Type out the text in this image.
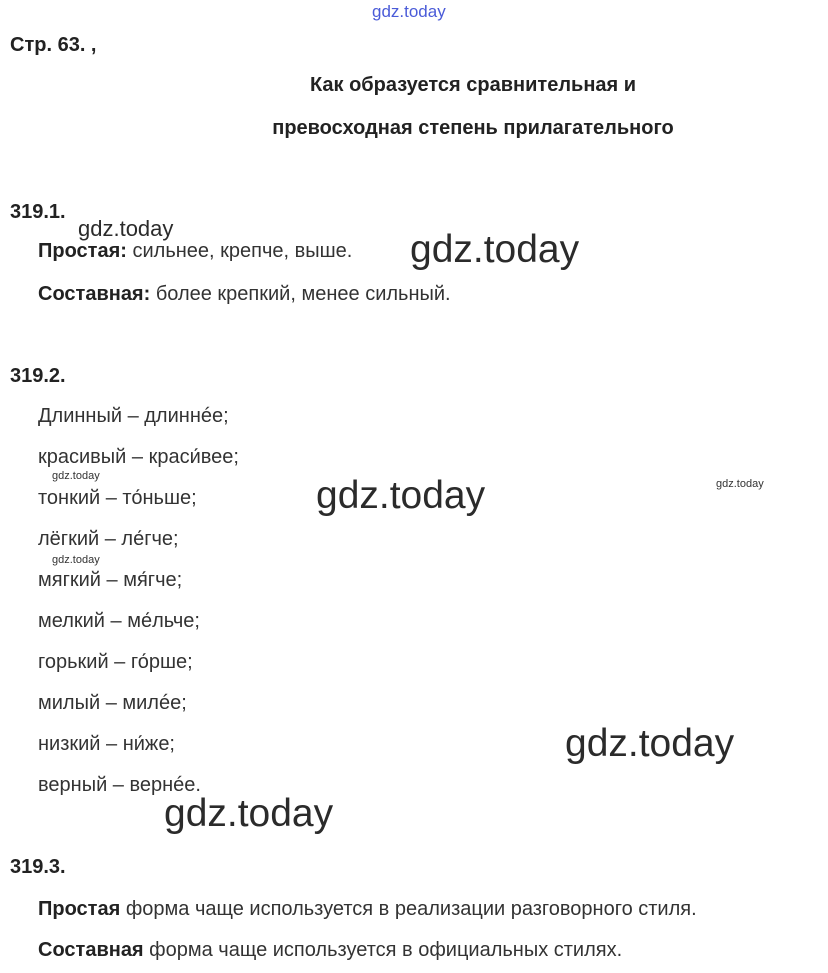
gdz.today
Стр. 63. ,
Как образуется сравнительная и
превосходная степень прилагательного
319.1.
Простая: сильнее, крепче, выше.
Составная: более крепкий, менее сильный.
319.2.
Длинный – длиннée;
красивый – краси́вее;
тонкий – то́ньше;
лёгкий – ле́гче;
мягкий – мя́гче;
мелкий – ме́льче;
горький – го́рше;
милый – милée;
низкий – ни́же;
верный – вернée.
319.3.
Простая форма чаще используется в реализации разговорного стиля.
Составная форма чаще используется в официальных стилях.
gdz.today	gdz.today
gdz.today	gdz.today	gdz.today
gdz.today
gdz.today
gdz.today
